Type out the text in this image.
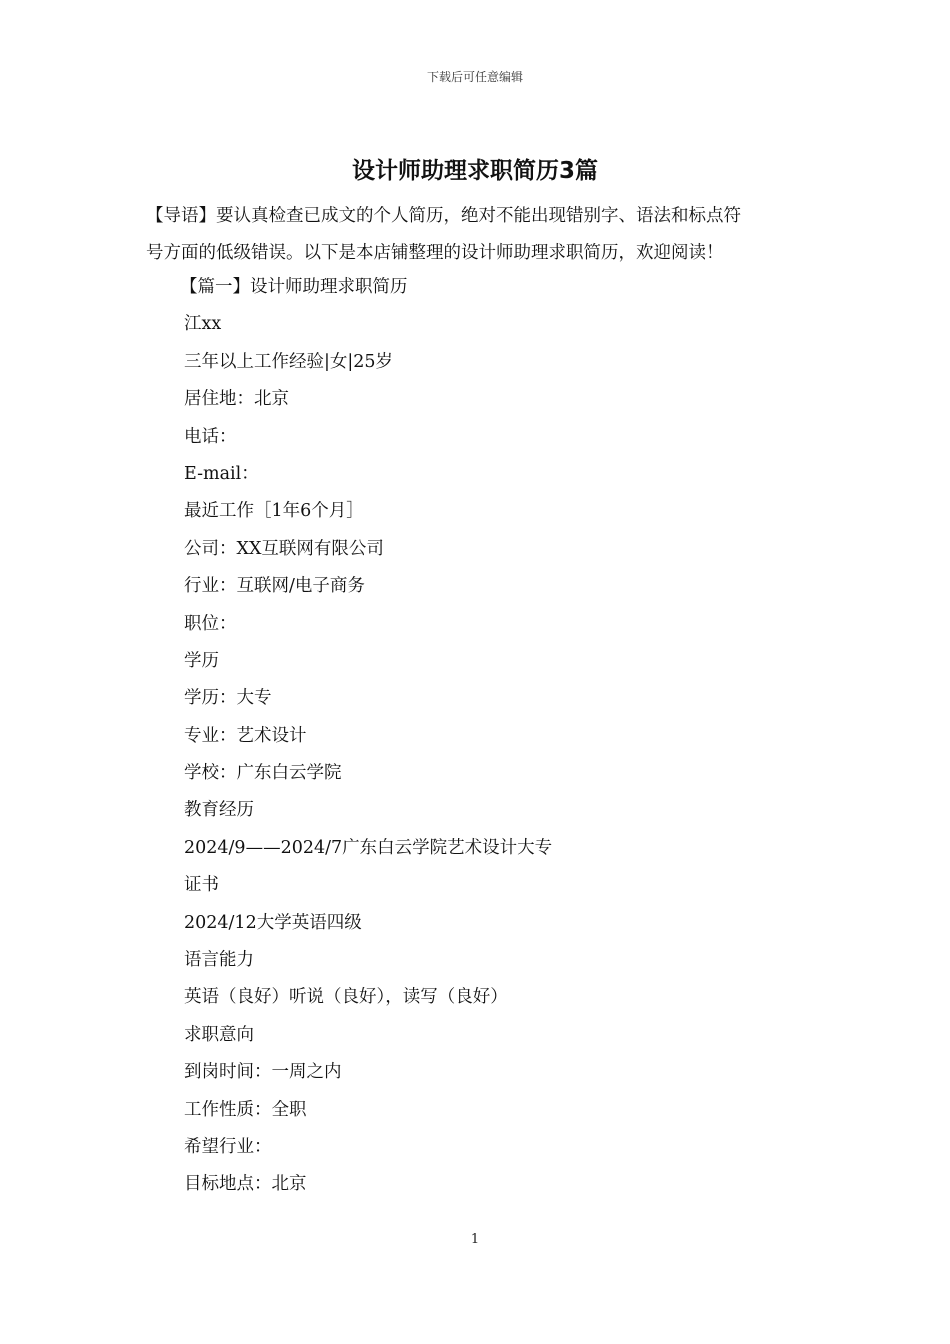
下载后可任意编辑
设计师助理求职简历3篇

【导语】要认真检查已成文的个人简历，绝对不能出现错别字、语法和标点符

号方面的低级错误。以下是本店铺整理的设计师助理求职简历，欢迎阅读！

【篇一】设计师助理求职简历
江xx
三年以上工作经验|女|25岁
居住地：北京
电话：
E-mail：
最近工作［1年6个月］
公司：XX互联网有限公司
行业：互联网/电子商务
职位：
学历
学历：大专
专业：艺术设计
学校：广东白云学院
教育经历
2024/9——2024/7广东白云学院艺术设计大专
证书
2024/12大学英语四级
语言能力
英语（良好）听说（良好），读写（良好）
求职意向
到岗时间：一周之内
工作性质：全职
希望行业：
目标地点：北京
1
